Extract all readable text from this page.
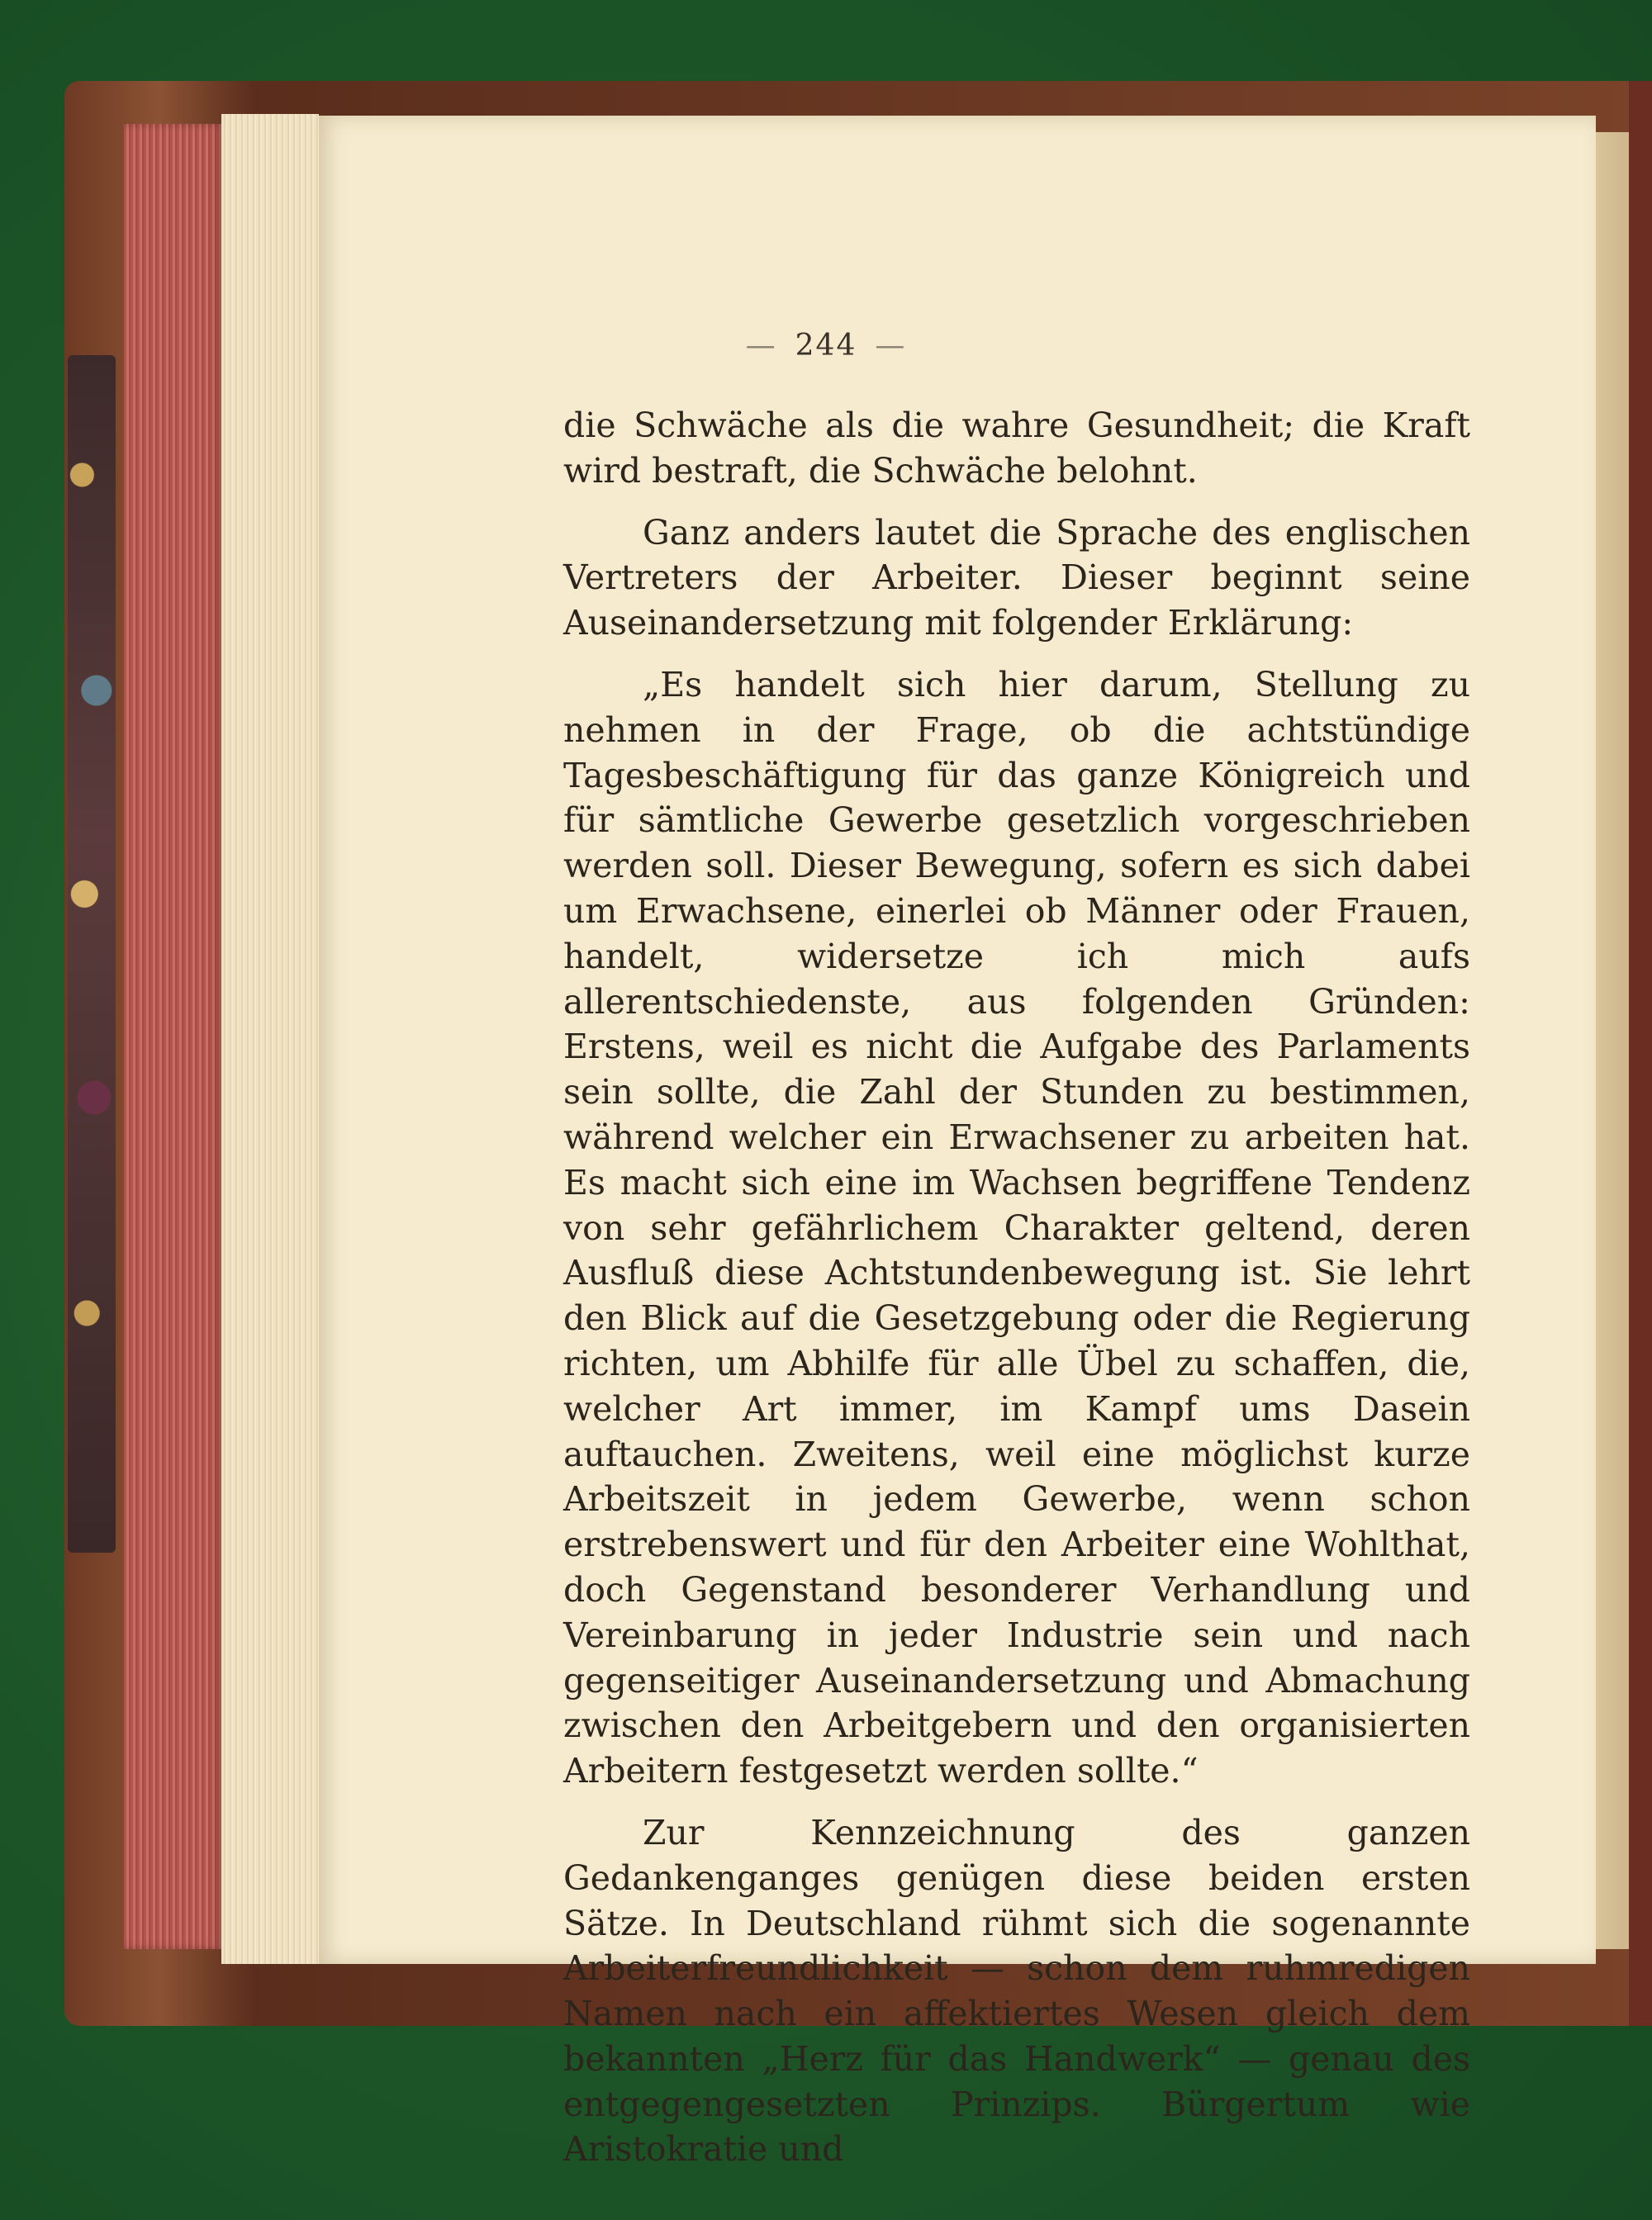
— 244 —

die Schwäche als die wahre Gesundheit; die Kraft wird bestraft, die Schwäche belohnt.

Ganz anders lautet die Sprache des englischen Vertreters der Arbeiter. Dieser beginnt seine Auseinandersetzung mit folgender Erklärung:

„Es handelt sich hier darum, Stellung zu nehmen in der Frage, ob die achtstündige Tagesbeschäftigung für das ganze Königreich und für sämtliche Gewerbe gesetzlich vorgeschrieben werden soll. Dieser Bewegung, sofern es sich dabei um Erwachsene, einerlei ob Männer oder Frauen, handelt, widersetze ich mich aufs allerentschiedenste, aus folgenden Gründen: Erstens, weil es nicht die Aufgabe des Parlaments sein sollte, die Zahl der Stunden zu bestimmen, während welcher ein Erwachsener zu arbeiten hat. Es macht sich eine im Wachsen begriffene Tendenz von sehr gefährlichem Charakter geltend, deren Ausfluß diese Achtstundenbewegung ist. Sie lehrt den Blick auf die Gesetzgebung oder die Regierung richten, um Abhilfe für alle Übel zu schaffen, die, welcher Art immer, im Kampf ums Dasein auftauchen. Zweitens, weil eine möglichst kurze Arbeitszeit in jedem Gewerbe, wenn schon erstrebenswert und für den Arbeiter eine Wohlthat, doch Gegenstand besonderer Verhandlung und Vereinbarung in jeder Industrie sein und nach gegenseitiger Auseinandersetzung und Abmachung zwischen den Arbeitgebern und den organisierten Arbeitern festgesetzt werden sollte.“

Zur Kennzeichnung des ganzen Gedankenganges genügen diese beiden ersten Sätze. In Deutschland rühmt sich die sogenannte Arbeiterfreundlichkeit — schon dem ruhmredigen Namen nach ein affektiertes Wesen gleich dem bekannten „Herz für das Handwerk“ — genau des entgegengesetzten Prinzips. Bürgertum wie Aristokratie und
